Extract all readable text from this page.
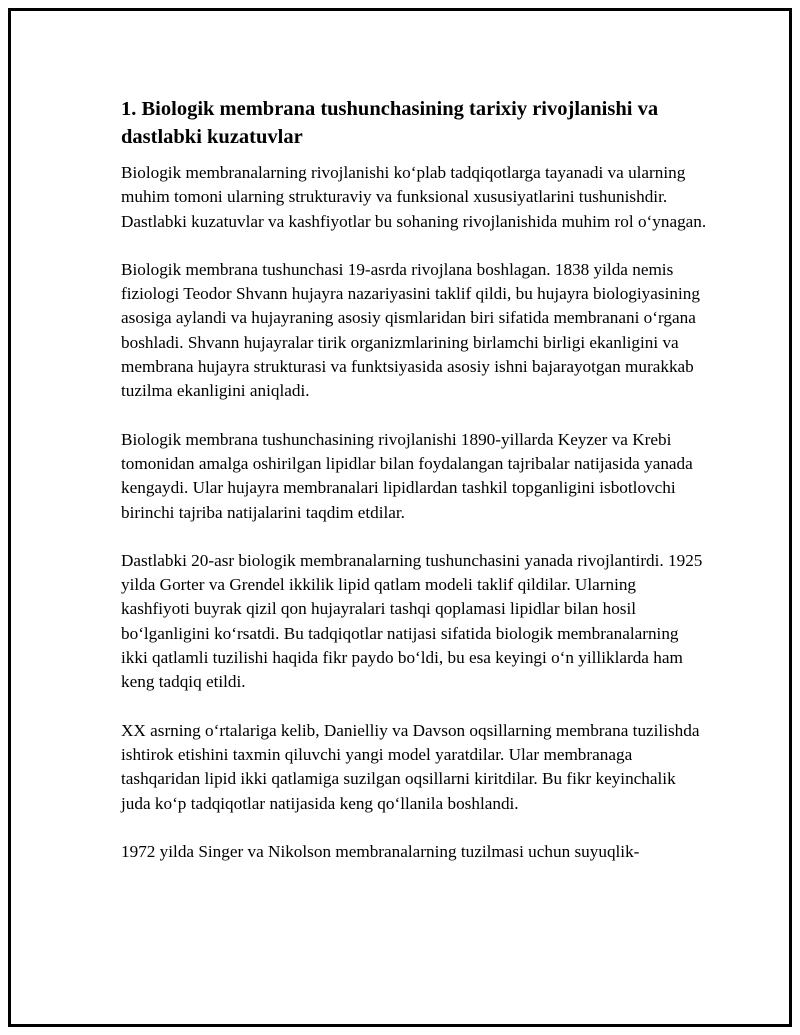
1. Biologik membrana tushunchasining tarixiy rivojlanishi va dastlabki kuzatuvlar

Biologik membranalarning rivojlanishi ko‘plab tadqiqotlarga tayanadi va ularning muhim tomoni ularning strukturaviy va funksional xususiyatlarini tushunishdir. Dastlabki kuzatuvlar va kashfiyotlar bu sohaning rivojlanishida muhim rol o‘ynagan.

Biologik membrana tushunchasi 19-asrda rivojlana boshlagan. 1838 yilda nemis fiziologi Teodor Shvann hujayra nazariyasini taklif qildi, bu hujayra biologiyasining asosiga aylandi va hujayraning asosiy qismlaridan biri sifatida membranani o‘rgana boshladi. Shvann hujayralar tirik organizmlarining birlamchi birligi ekanligini va membrana hujayra strukturasi va funktsiyasida asosiy ishni bajarayotgan murakkab tuzilma ekanligini aniqladi.

Biologik membrana tushunchasining rivojlanishi 1890-yillarda Keyzer va Krebi tomonidan amalga oshirilgan lipidlar bilan foydalangan tajribalar natijasida yanada kengaydi. Ular hujayra membranalari lipidlardan tashkil topganligini isbotlovchi birinchi tajriba natijalarini taqdim etdilar.

Dastlabki 20-asr biologik membranalarning tushunchasini yanada rivojlantirdi. 1925 yilda Gorter va Grendel ikkilik lipid qatlam modeli taklif qildilar. Ularning kashfiyoti buyrak qizil qon hujayralari tashqi qoplamasi lipidlar bilan hosil bo‘lganligini ko‘rsatdi. Bu tadqiqotlar natijasi sifatida biologik membranalarning ikki qatlamli tuzilishi haqida fikr paydo bo‘ldi, bu esa keyingi o‘n yilliklarda ham keng tadqiq etildi.

XX asrning o‘rtalariga kelib, Danielliy va Davson oqsillarning membrana tuzilishda ishtirok etishini taxmin qiluvchi yangi model yaratdilar. Ular membranaga tashqaridan lipid ikki qatlamiga suzilgan oqsillarni kiritdilar. Bu fikr keyinchalik juda ko‘p tadqiqotlar natijasida keng qo‘llanila boshlandi.

1972 yilda Singer va Nikolson membranalarning tuzilmasi uchun suyuqlik-
